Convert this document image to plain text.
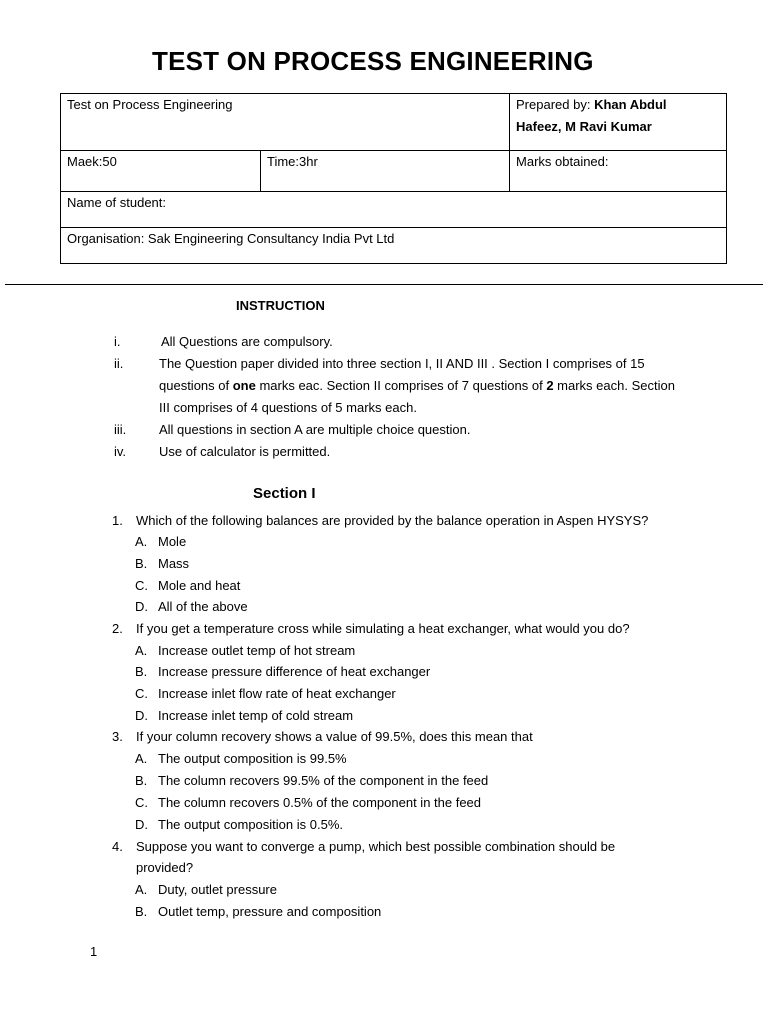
TEST ON PROCESS ENGINEERING
Test on Process Engineering		Prepared by: Khan Abdul
Hafeez, M Ravi Kumar
Maek:50	Time:3hr	Marks obtained:
Name of student:		
Organisation: Sak Engineering Consultancy India Pvt Ltd		
INSTRUCTION
i.	All Questions are compulsory.
ii.	The Question paper divided into three section I, II AND III . Section I comprises of 15 questions of one marks eac. Section II comprises of 7 questions of 2 marks each. Section III comprises of 4 questions of 5 marks each.
iii.	All questions in section A are multiple choice question.
iv.	Use of calculator is permitted.
Section I
1. Which of the following balances are provided by the balance operation in Aspen HYSYS?
A. Mole
B. Mass
C. Mole and heat
D. All of the above
2. If you get a temperature cross while simulating a heat exchanger, what would you do?
A. Increase outlet temp of hot stream
B. Increase pressure difference of heat exchanger
C. Increase inlet flow rate of heat exchanger
D. Increase inlet temp of cold stream
3. If your column recovery shows a value of 99.5%, does this mean that
A. The output composition is 99.5%
B. The column recovers 99.5% of the component in the feed
C. The column recovers 0.5% of the component in the feed
D. The output composition is 0.5%.
4. Suppose you want to converge a pump, which best possible combination should be
provided?
A. Duty, outlet pressure
B. Outlet temp, pressure and composition
1
